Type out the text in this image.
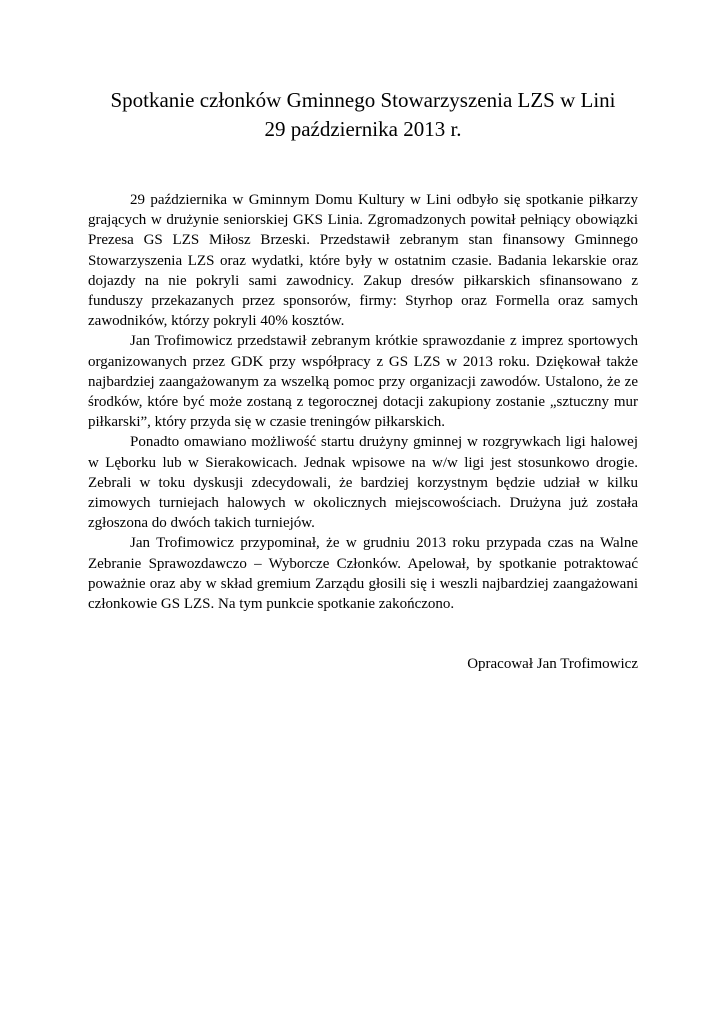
Spotkanie członków Gminnego Stowarzyszenia LZS w Lini
29 października 2013 r.

29 października w Gminnym Domu Kultury w Lini odbyło się spotkanie piłkarzy grających w drużynie seniorskiej GKS Linia. Zgromadzonych powitał pełniący obowiązki Prezesa GS LZS Miłosz Brzeski. Przedstawił zebranym stan finansowy Gminnego Stowarzyszenia LZS oraz wydatki, które były w ostatnim czasie. Badania lekarskie oraz dojazdy na nie pokryli sami zawodnicy. Zakup dresów piłkarskich sfinansowano z funduszy przekazanych przez sponsorów, firmy: Styrhop oraz Formella oraz samych zawodników, którzy pokryli 40% kosztów.

Jan Trofimowicz przedstawił zebranym krótkie sprawozdanie z imprez sportowych organizowanych przez GDK przy współpracy z GS LZS w 2013 roku. Dziękował także najbardziej zaangażowanym za wszelką pomoc przy organizacji zawodów. Ustalono, że ze środków, które być może zostaną z tegorocznej dotacji zakupiony zostanie „sztuczny mur piłkarski”, który przyda się w czasie treningów piłkarskich.

Ponadto omawiano możliwość startu drużyny gminnej w rozgrywkach ligi halowej w Lęborku lub w Sierakowicach. Jednak wpisowe na w/w ligi jest stosunkowo drogie. Zebrali w toku dyskusji zdecydowali, że bardziej korzystnym będzie udział w kilku zimowych turniejach halowych w okolicznych miejscowościach. Drużyna już została zgłoszona do dwóch takich turniejów.

Jan Trofimowicz przypominał, że w grudniu 2013 roku przypada czas na Walne Zebranie Sprawozdawczo – Wyborcze Członków. Apelował, by spotkanie potraktować poważnie oraz aby w skład gremium Zarządu głosili się i weszli najbardziej zaangażowani członkowie GS LZS. Na tym punkcie spotkanie zakończono.

Opracował Jan Trofimowicz
